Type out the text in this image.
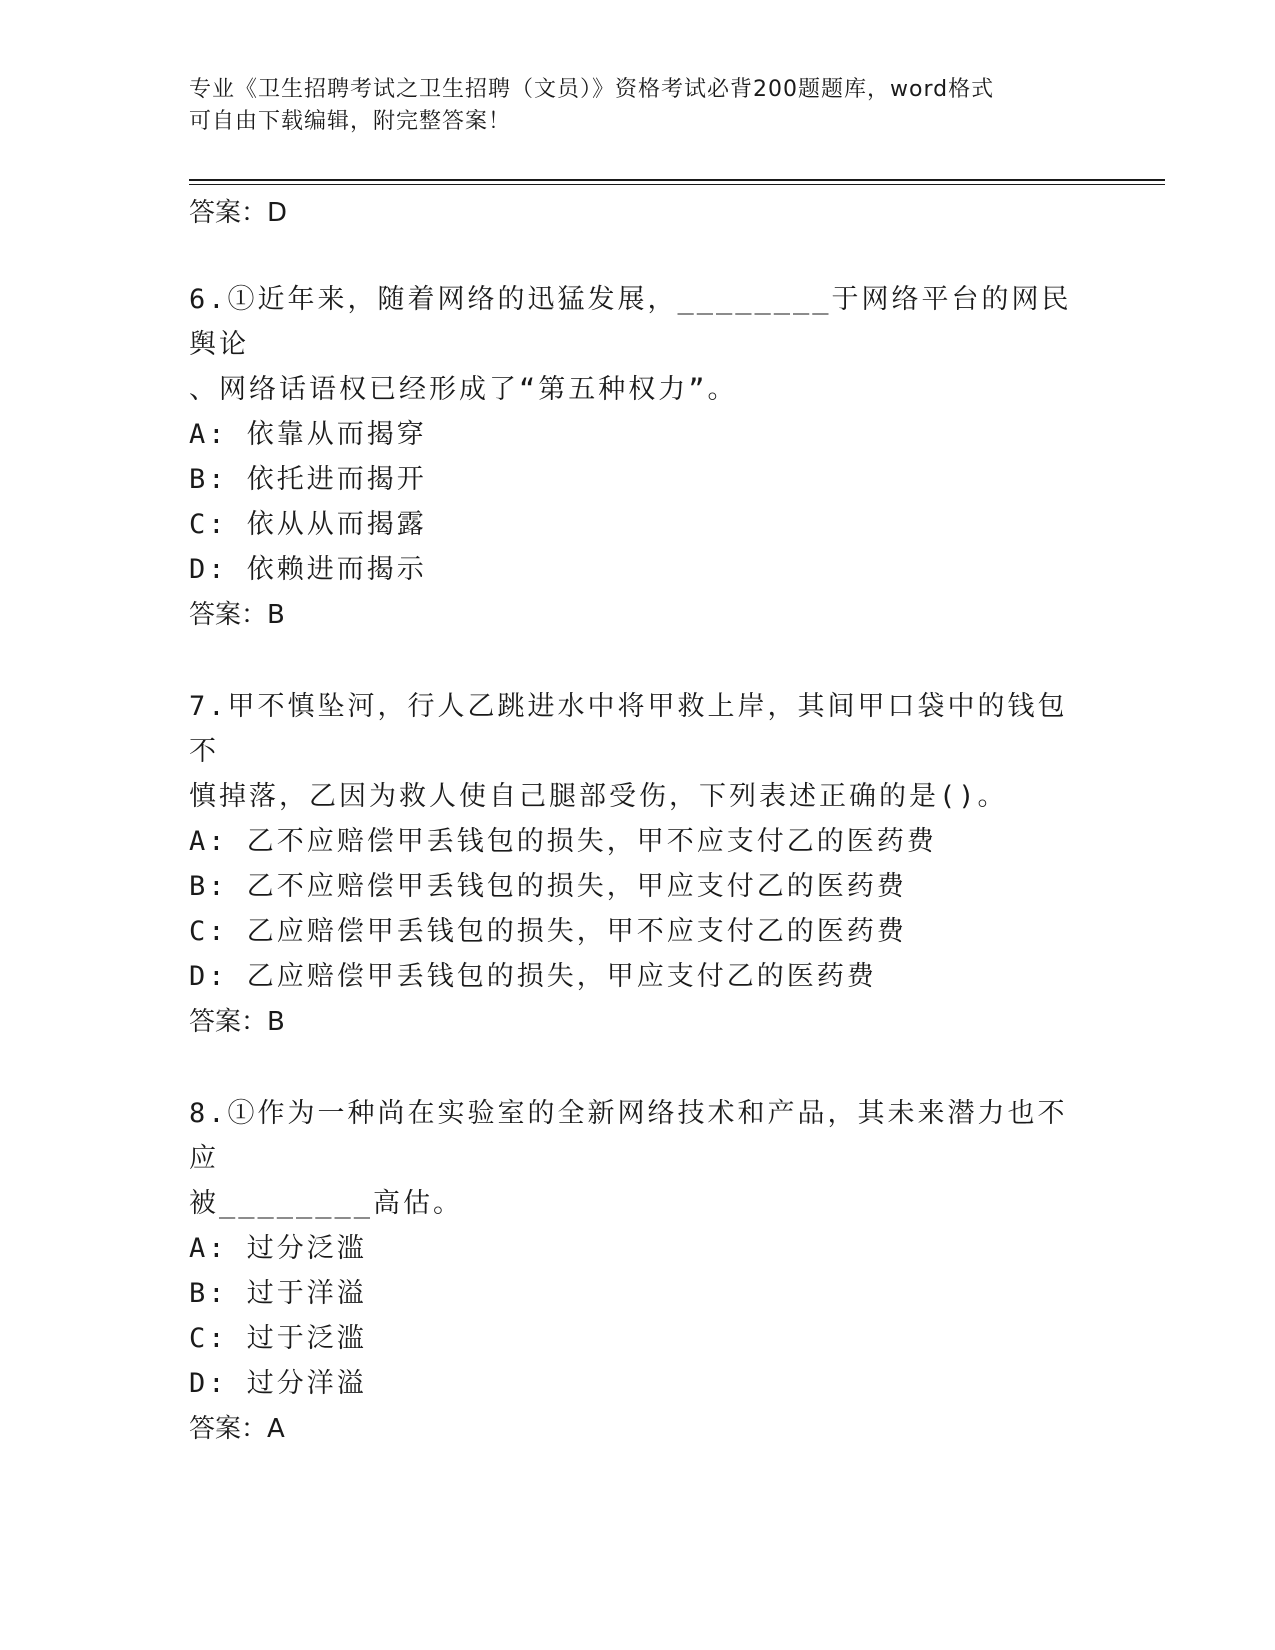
专业《卫生招聘考试之卫生招聘（文员）》资格考试必背200题题库，word格式
可自由下载编辑，附完整答案！

答案：D

6.①近年来，随着网络的迅猛发展，________于网络平台的网民舆论

、网络话语权已经形成了“第五种权力”。

A: 依靠从而揭穿

B: 依托进而揭开

C: 依从从而揭露

D: 依赖进而揭示

答案：B

7.甲不慎坠河，行人乙跳进水中将甲救上岸，其间甲口袋中的钱包不

慎掉落，乙因为救人使自己腿部受伤，下列表述正确的是()。

A: 乙不应赔偿甲丢钱包的损失，甲不应支付乙的医药费

B: 乙不应赔偿甲丢钱包的损失，甲应支付乙的医药费

C: 乙应赔偿甲丢钱包的损失，甲不应支付乙的医药费

D: 乙应赔偿甲丢钱包的损失，甲应支付乙的医药费

答案：B

8.①作为一种尚在实验室的全新网络技术和产品，其未来潜力也不应

被________高估。

A: 过分泛滥

B: 过于洋溢

C: 过于泛滥

D: 过分洋溢

答案：A
